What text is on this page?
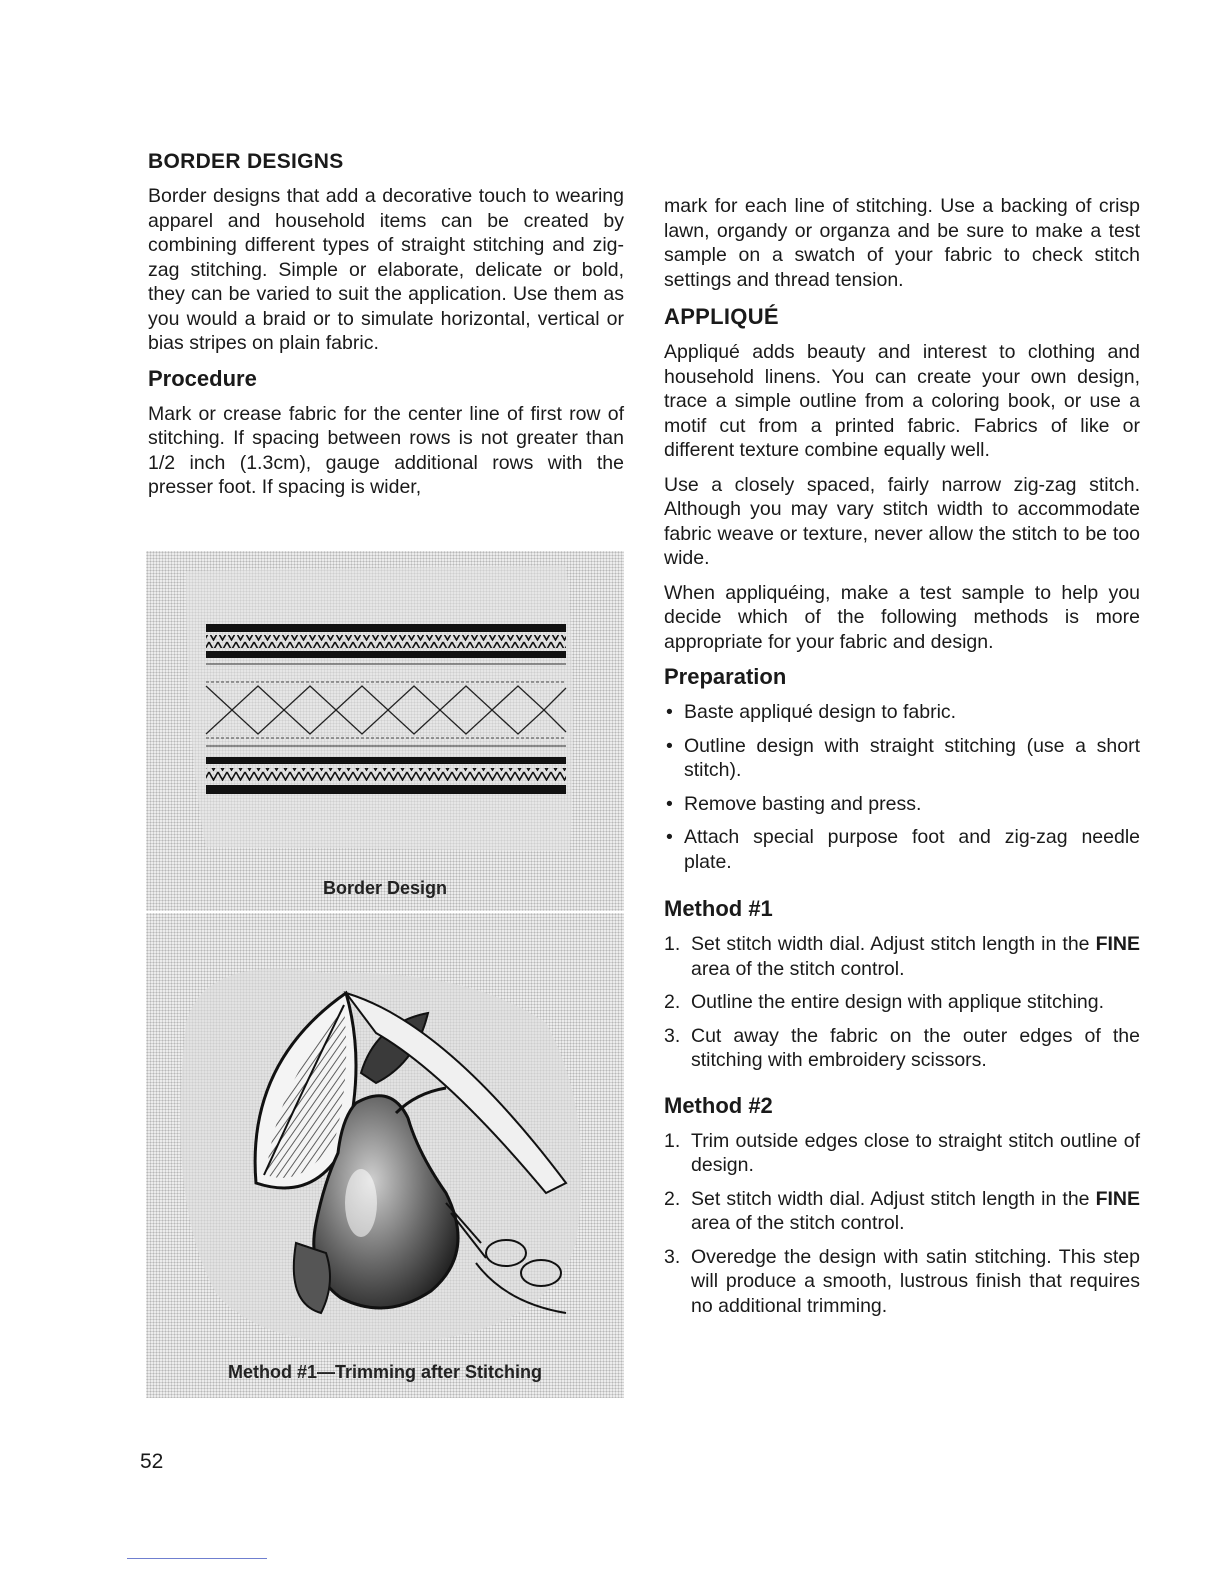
BORDER DESIGNS

Border designs that add a decorative touch to wearing apparel and household items can be created by combining different types of straight stitching and zig-zag stitching. Simple or elaborate, delicate or bold, they can be varied to suit the application. Use them as you would a braid or to simulate horizontal, vertical or bias stripes on plain fabric.

Procedure

Mark or crease fabric for the center line of first row of stitching. If spacing between rows is not greater than 1/2 inch (1.3cm), gauge additional rows with the presser foot. If spacing is wider,

Border Design
Method #1—Trimming after Stitching

mark for each line of stitching. Use a backing of crisp lawn, organdy or organza and be sure to make a test sample on a swatch of your fabric to check stitch settings and thread tension.

APPLIQUÉ

Appliqué adds beauty and interest to clothing and household linens. You can create your own design, trace a simple outline from a coloring book, or use a motif cut from a printed fabric. Fabrics of like or different texture combine equally well.

Use a closely spaced, fairly narrow zig-zag stitch. Although you may vary stitch width to accommodate fabric weave or texture, never allow the stitch to be too wide.

When appliquéing, make a test sample to help you decide which of the following methods is more appropriate for your fabric and design.

Preparation
• Baste appliqué design to fabric.
• Outline design with straight stitching (use a short stitch).
• Remove basting and press.
• Attach special purpose foot and zig-zag needle plate.
Method #1
1. Set stitch width dial. Adjust stitch length in the FINE area of the stitch control.
2. Outline the entire design with applique stitching.
3. Cut away the fabric on the outer edges of the stitching with embroidery scissors.
Method #2
1. Trim outside edges close to straight stitch outline of design.
2. Set stitch width dial. Adjust stitch length in the FINE area of the stitch control.
3. Overedge the design with satin stitching. This step will produce a smooth, lustrous finish that requires no additional trimming.
52
